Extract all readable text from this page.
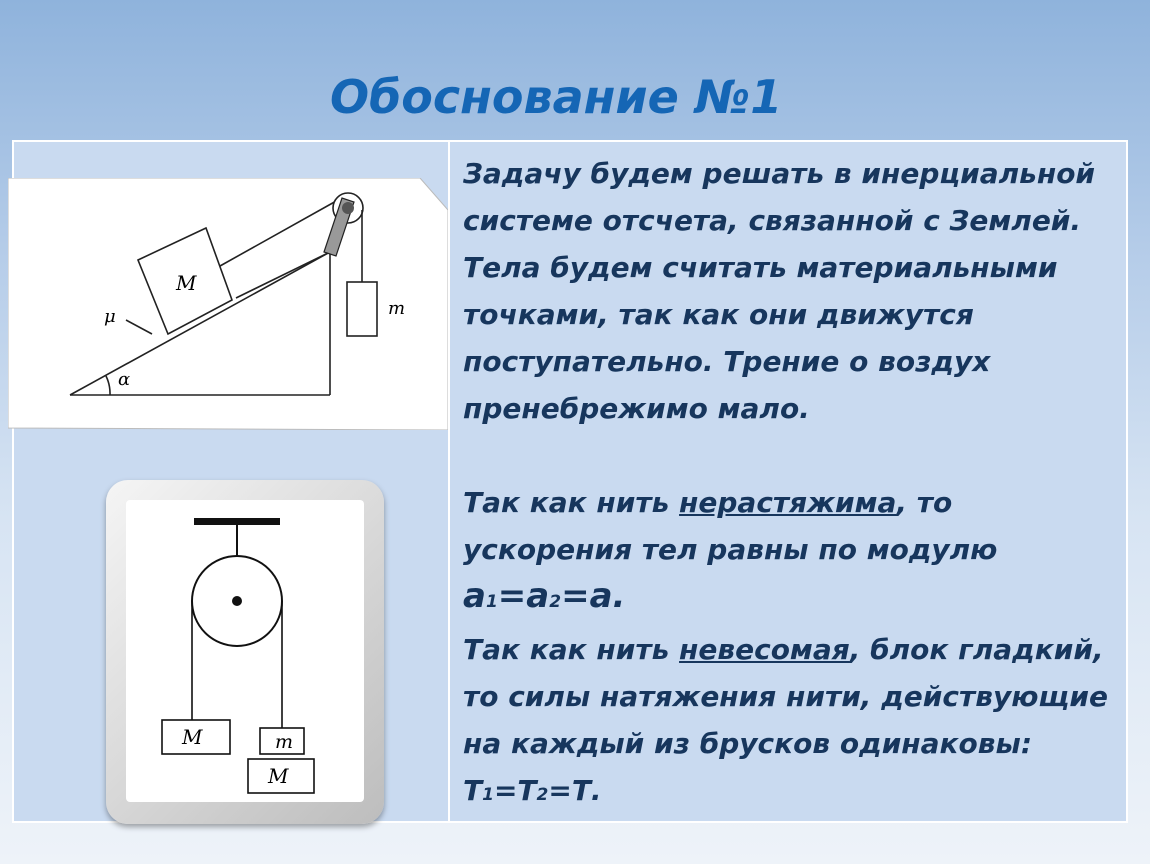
Обоснование №1
M
m
μ
α
M	m
M

Задачу будем решать в инерциальной системе отсчета, связанной с Землей. Тела будем считать материальными точками, так как они движутся поступательно. Трение о воздух пренебрежимо мало.

Так как нить нерастяжима, то ускорения тел равны по модулю а1=а2=а.

Так как нить невесомая, блок гладкий, то силы натяжения нити, действующие на каждый из брусков одинаковы: Т1=Т2=Т.
